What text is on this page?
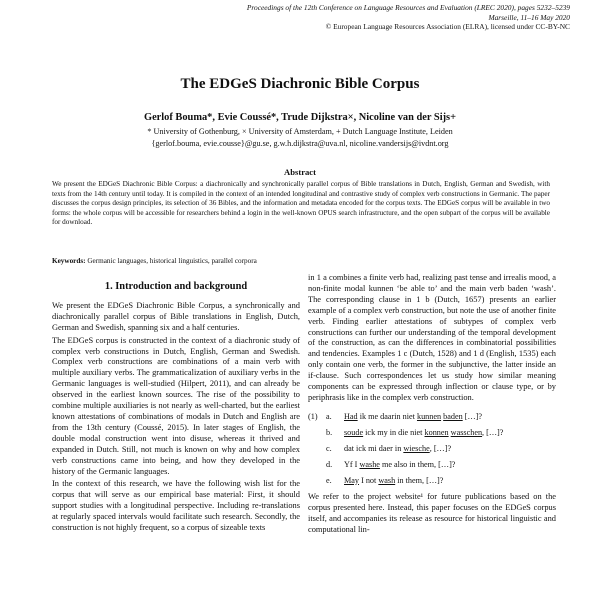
Proceedings of the 12th Conference on Language Resources and Evaluation (LREC 2020), pages 5232–5239
Marseille, 11–16 May 2020
© European Language Resources Association (ELRA), licensed under CC-BY-NC
The EDGeS Diachronic Bible Corpus
Gerlof Bouma*, Evie Coussé*, Trude Dijkstra×, Nicoline van der Sijs+
* University of Gothenburg, × University of Amsterdam, + Dutch Language Institute, Leiden
{gerlof.bouma, evie.cousse}@gu.se, g.w.h.dijkstra@uva.nl, nicoline.vandersijs@ivdnt.org
Abstract

We present the EDGeS Diachronic Bible Corpus: a diachronically and synchronically parallel corpus of Bible translations in Dutch, English, German and Swedish, with texts from the 14th century until today. It is compiled in the context of an intended longitudinal and contrastive study of complex verb constructions in Germanic. The paper discusses the corpus design principles, its selection of 36 Bibles, and the information and metadata encoded for the corpus texts. The EDGeS corpus will be available in two forms: the whole corpus will be accessible for researchers behind a login in the well-known OPUS search infrastructure, and the open subpart of the corpus will be available for download.

Keywords: Germanic languages, historical linguistics, parallel corpora

1. Introduction and background

We present the EDGeS Diachronic Bible Corpus, a synchronically and diachronically parallel corpus of Bible translations in English, Dutch, German and Swedish, spanning six and a half centuries.

The EDGeS corpus is constructed in the context of a diachronic study of complex verb constructions in Dutch, English, German and Swedish. Complex verb constructions are combinations of a main verb with multiple auxiliary verbs. The grammaticalization of auxiliary verbs in the Germanic languages is well-studied (Hilpert, 2011), and can already be observed in the earliest known sources. The rise of the possibility to combine multiple auxiliaries is not nearly as well-charted, but the earliest known attestations of combinations of modals in Dutch and English are from the 13th century (Coussé, 2015). In later stages of English, the double modal construction went into disuse, whereas it thrived and expanded in Dutch. Still, not much is known on why and how complex verb constructions came into being, and how they developed in the history of the Germanic languages.

In the context of this research, we have the following wish list for the corpus that will serve as our empirical base material: First, it should support studies with a longitudinal perspective. Including re-translations at regularly spaced intervals would facilitate such research. Secondly, the construction is not highly frequent, so a corpus of sizeable texts

in 1 a combines a finite verb had, realizing past tense and irrealis mood, a non-finite modal kunnen ‘be able to’ and the main verb baden ‘wash’. The corresponding clause in 1 b (Dutch, 1657) presents an earlier example of a complex verb construction, but note the use of another finite verb. Finding earlier attestations of subtypes of complex verb constructions can further our understanding of the temporal development of the construction, as can the differences in combinatorial possibilities and tendencies. Examples 1 c (Dutch, 1528) and 1 d (English, 1535) each only contain one verb, the former in the subjunctive, the latter inside an if-clause. Such correspondences let us study how similar meaning components can be expressed through inflection or clause type, or by periphrasis like in the complex verb construction.

(1)	a.	Had ik me daarin niet kunnen baden […]?
b.	soude ick my in die niet konnen wasschen, […]?
c.	dat ick mi daer in wiesche, […]?
d.	Yf I washe me also in them, […]?
e.	May I not wash in them, […]?

We refer to the project website¹ for future publications based on the corpus presented here. Instead, this paper focuses on the EDGeS corpus itself, and accompanies its release as resource for historical linguistic and computational lin-
